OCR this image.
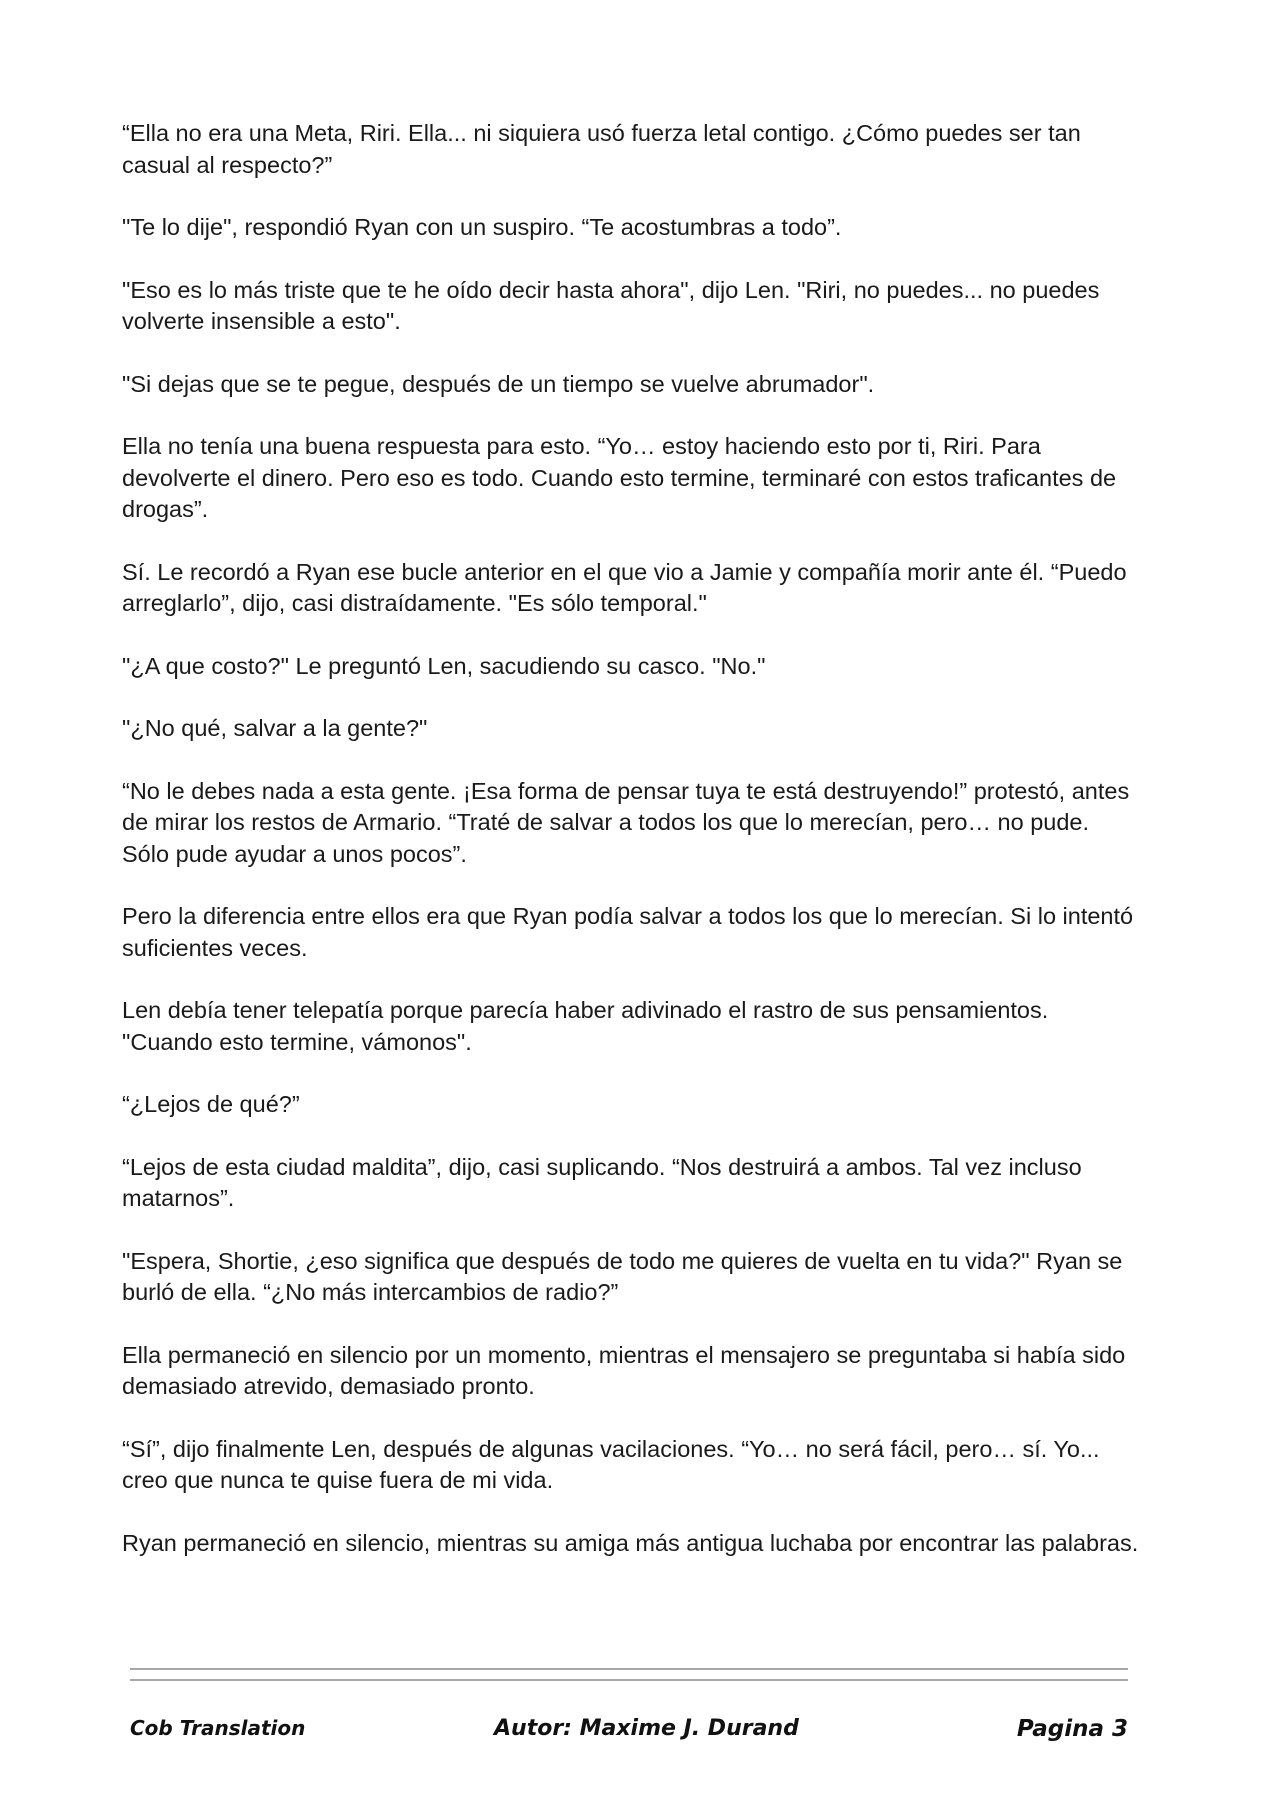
“Ella no era una Meta, Riri. Ella... ni siquiera usó fuerza letal contigo. ¿Cómo puedes ser tan casual al respecto?”

"Te lo dije", respondió Ryan con un suspiro. “Te acostumbras a todo”.

"Eso es lo más triste que te he oído decir hasta ahora", dijo Len. "Riri, no puedes... no puedes volverte insensible a esto".

"Si dejas que se te pegue, después de un tiempo se vuelve abrumador".

Ella no tenía una buena respuesta para esto. “Yo… estoy haciendo esto por ti, Riri. Para devolverte el dinero. Pero eso es todo. Cuando esto termine, terminaré con estos traficantes de drogas”.

Sí. Le recordó a Ryan ese bucle anterior en el que vio a Jamie y compañía morir ante él. “Puedo arreglarlo”, dijo, casi distraídamente. "Es sólo temporal."

"¿A que costo?" Le preguntó Len, sacudiendo su casco. "No."

"¿No qué, salvar a la gente?"

“No le debes nada a esta gente. ¡Esa forma de pensar tuya te está destruyendo!” protestó, antes de mirar los restos de Armario. “Traté de salvar a todos los que lo merecían, pero… no pude. Sólo pude ayudar a unos pocos”.

Pero la diferencia entre ellos era que Ryan podía salvar a todos los que lo merecían. Si lo intentó suficientes veces.

Len debía tener telepatía porque parecía haber adivinado el rastro de sus pensamientos. "Cuando esto termine, vámonos".

“¿Lejos de qué?”

“Lejos de esta ciudad maldita”, dijo, casi suplicando. “Nos destruirá a ambos. Tal vez incluso matarnos”.

"Espera, Shortie, ¿eso significa que después de todo me quieres de vuelta en tu vida?" Ryan se burló de ella. “¿No más intercambios de radio?”

Ella permaneció en silencio por un momento, mientras el mensajero se preguntaba si había sido demasiado atrevido, demasiado pronto.

“Sí”, dijo finalmente Len, después de algunas vacilaciones. “Yo… no será fácil, pero… sí. Yo... creo que nunca te quise fuera de mi vida.

Ryan permaneció en silencio, mientras su amiga más antigua luchaba por encontrar las palabras.

Cob Translation	Autor: Maxime J. Durand	Pagina 3
